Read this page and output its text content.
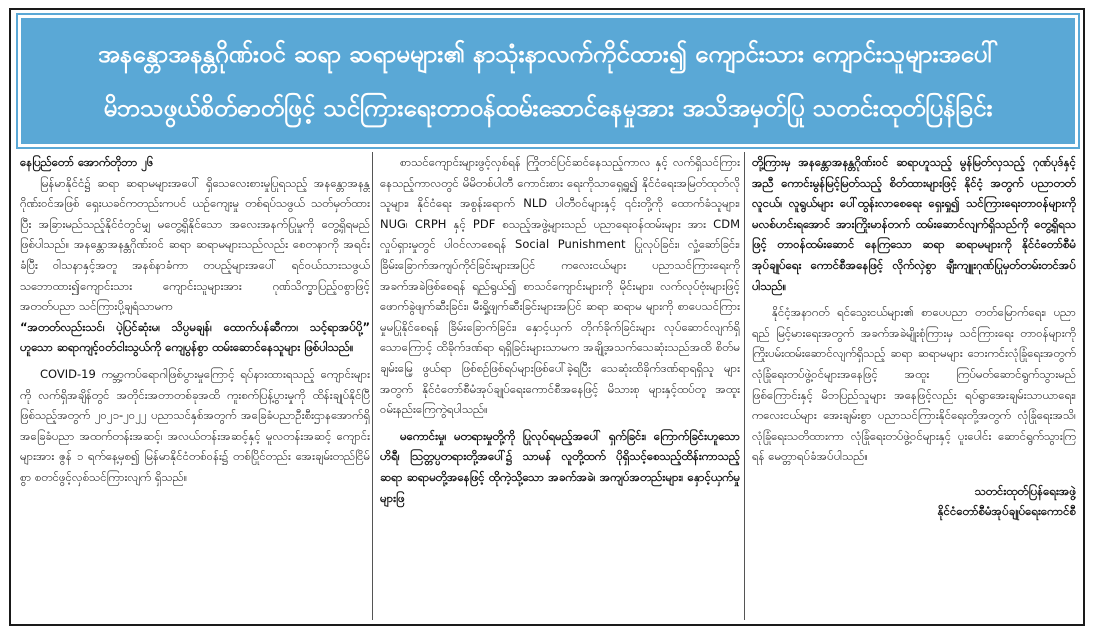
အနန္တောအနန္တဂိုဏ်းဝင် ဆရာ ဆရာမများ၏ နာသုံးနာလက်ကိုင်ထား၍ ကျောင်းသား ကျောင်းသူများအပေါ်
မိဘသဖွယ်စိတ်ဓာတ်ဖြင့် သင်ကြားရေးတာဝန်ထမ်းဆောင်နေမှုအား အသိအမှတ်ပြု သတင်းထုတ်ပြန်ခြင်း

နေပြည်တော် အောက်တိုဘာ ၂၆

မြန်မာနိုင်ငံ၌ ဆရာ ဆရာမများအပေါ် ရှိသေလေးစားမှုပြုရသည့် အနန္တောအနန္တဂိုဏ်းဝင်အဖြစ် ရှေးယခင်ကတည်းကပင် ယဉ်ကျေးမှု တစ်ရပ်သဖွယ် သတ်မှတ်ထားပြီး အခြားမည်သည့်နိုင်ငံတွင်မျှ မတွေ့ရှိနိုင်သော အလေးအနက်ပြုမှုကို တွေ့ရှိရမည်ဖြစ်ပါသည်။ အနန္တောအနန္တဂိုဏ်းဝင် ဆရာ ဆရာမများသည်လည်း စေတနာကို အရင်းခံပြီး ဝါသနာနှင့်အတူ အနစ်နာခံကာ တပည့်များအပေါ် ရင်ဝယ်သားသဖွယ်သဘောထား၍ကျောင်းသား ကျောင်းသူများအား ဂုဏ်သိက္ခာပြည့်ဝစွာဖြင့် အတတ်ပညာ သင်ကြားပို့ချရံသာမက

“အတတ်လည်းသင်၊ ပဲ့ပြင်ဆုံးမ၊ သိပ္ပမချန်၊ ထောက်ပန်ဆီကာ၊ သင့်ရာအပ်ပို့” ဟူသော ဆရာကျင့်ဝတ်ငါးသွယ်ကို ကျေပွန်စွာ ထမ်းဆောင်နေသူများ ဖြစ်ပါသည်။

COVID-19 ကမ္ဘာ့ကပ်ရောဂါဖြစ်ပွားမှုကြောင့် ရပ်နားထားရသည့် ကျောင်းများကို လက်ရှိအချိန်တွင် အတိုင်းအတာတစ်ခုအထိ ကူးစက်ပြန့်ပွားမှုကို ထိန်းချုပ်နိုင်ပြီဖြစ်သည့်အတွက် ၂၀၂၁-၂၀၂၂ ပညာသင်နှစ်အတွက် အခြေခံပညာဦးစီးဌာနအောက်ရှိ အခြေခံပညာ အထက်တန်းအဆင့်၊ အလယ်တန်းအဆင့်နှင့် မူလတန်းအဆင့် ကျောင်းများအား ဇွန် ၁ ရက်နေ့မှစ၍ မြန်မာနိုင်ငံတစ်ဝန်း၌ တစ်ပြိုင်တည်း အေးချမ်းတည်ငြိမ်စွာ စတင်ဖွင့်လှစ်သင်ကြားလျက် ရှိသည်။

စာသင်ကျောင်းများဖွင့်လှစ်ရန် ကြိုတင်ပြင်ဆင်နေသည့်ကာလ နှင့် လက်ရှိသင်ကြားနေသည့်ကာလတွင် မိမိတစ်ပါတီ ကောင်းစား ရေးကိုသာရှေ့ရှု၍ နိုင်ငံရေးအမြတ်ထုတ်လိုသူများ၊ နိုင်ငံရေး အစွန်းရောက် NLD ပါတီဝင်များနှင့် ၎င်းတို့ကို ထောက်ခံသူများ၊ NUG၊ CRPH နှင့် PDF စသည့်အဖွဲ့များသည် ပညာရေးဝန်ထမ်းများ အား CDM လှုပ်ရှားမှုတွင် ပါဝင်လာစေရန် Social Punishment ပြုလုပ်ခြင်း၊ လှုံ့ဆော်ခြင်း၊ ခြိမ်းခြောက်အကျပ်ကိုင်ခြင်းများအပြင် ကလေးငယ်များ ပညာသင်ကြားရေးကို အခက်အခဲဖြစ်စေရန် ရည်ရွယ်၍ စာသင်ကျောင်းများကို မိုင်းများ၊ လက်လုပ်ဗုံးများဖြင့် ဖောက်ခွဲဖျက်ဆီးခြင်း၊ မီးရှို့ဖျက်ဆီးခြင်းများအပြင် ဆရာ ဆရာမ များကို စာပေသင်ကြားမှုမပြုနိုင်စေရန် ခြိမ်းခြောက်ခြင်း၊ နှောင့်ယှက် တိုက်ခိုက်ခြင်းများ လုပ်ဆောင်လျက်ရှိသောကြောင့် ထိခိုက်ဒဏ်ရာ ရရှိခြင်းများသာမက အချို့အသက်သေဆုံးသည်အထိ စိတ်မချမ်းမြေ့ ဖွယ်ရာ ဖြစ်စဉ်ဖြစ်ရပ်များဖြစ်ပေါ်ခဲ့ရပြီး သေဆုံးထိခိုက်ဒဏ်ရာရရှိသူ များအတွက် နိုင်ငံတော်စီမံအုပ်ချုပ်ရေးကောင်စီအနေဖြင့် မိသားစု များနှင့်ထပ်တူ အထူးဝမ်းနည်းကြေကွဲရပါသည်။

မကောင်းမှု၊ မတရားမှုတို့ကို ပြုလုပ်ရမည့်အပေါ် ရှက်ခြင်း၊ ကြောက်ခြင်းဟူသော ဟိရီ၊ ဩတ္တပ္ပတရားတို့အပေါ်၌ သာမန် လူတို့ထက် ပိုရှိသင့်စေသည့်ထိန်းကာသည့် ဆရာ ဆရာမတို့အနေဖြင့် ထိုကဲ့သို့သော အခက်အခဲ၊ အကျပ်အတည်းများ၊ နှောင့်ယှက်မှုများဖြ

တို့ကြားမှ အနန္တောအနန္တဂိုဏ်းဝင် ဆရာဟူသည့် မွန်မြတ်လှသည့် ဂုဏ်ပုဒ်နှင့်အညီ ကောင်းမွန်မြင့်မြတ်သည့် စိတ်ထားများဖြင့် နိုင်ငံ့ အတွက် ပညာတတ်လူငယ်၊ လူရွယ်များ ပေါ်ထွန်းလာစေရေး ရှေးရှု၍ သင်ကြားရေးတာဝန်များကို မလစ်ဟင်းရအောင် အားကြိုးမာန်တက် ထမ်းဆောင်လျက်ရှိသည်ကို တွေ့ရှိရသဖြင့် တာဝန်ထမ်းဆောင် နေကြသော ဆရာ ဆရာမများကို နိုင်ငံတော်စီမံအုပ်ချုပ်ရေး ကောင်စီအနေဖြင့် လိုက်လှဲစွာ ချီးကျူးဂုဏ်ပြုမှတ်တမ်းတင်အပ် ပါသည်။

နိုင်ငံ့အနာဂတ် ရင်သွေးငယ်များ၏ စာပေပညာ တတ်မြောက်ရေး၊ ပညာရည် မြင့်မားရေးအတွက် အခက်အခဲမျိုးစုံကြားမှ သင်ကြားရေး တာဝန်များကို ကြိုးပမ်းထမ်းဆောင်လျက်ရှိသည့် ဆရာ ဆရာမများ ဘေးကင်းလုံခြုံရေးအတွက် လုံခြုံရေးတပ်ဖွဲ့ဝင်များအနေဖြင့် အထူး ကြပ်မတ်ဆောင်ရွက်သွားမည်ဖြစ်ကြောင်းနှင့် မိဘပြည်သူများ အနေဖြင့်လည်း ရပ်ရွာအေးချမ်းသာယာရေး၊ ကလေးငယ်များ အေးချမ်းစွာ ပညာသင်ကြားနိုင်ရေးတို့အတွက် လုံခြုံရေးအသိ၊ လုံခြုံရေးသတိထားကာ လုံခြုံရေးတပ်ဖွဲ့ဝင်များနှင့် ပူးပေါင်း ဆောင်ရွက်သွားကြရန် မေတ္တာရပ်ခံအပ်ပါသည်။

သတင်းထုတ်ပြန်ရေးအဖွဲ့

နိုင်ငံတော်စီမံအုပ်ချုပ်ရေးကောင်စီ
